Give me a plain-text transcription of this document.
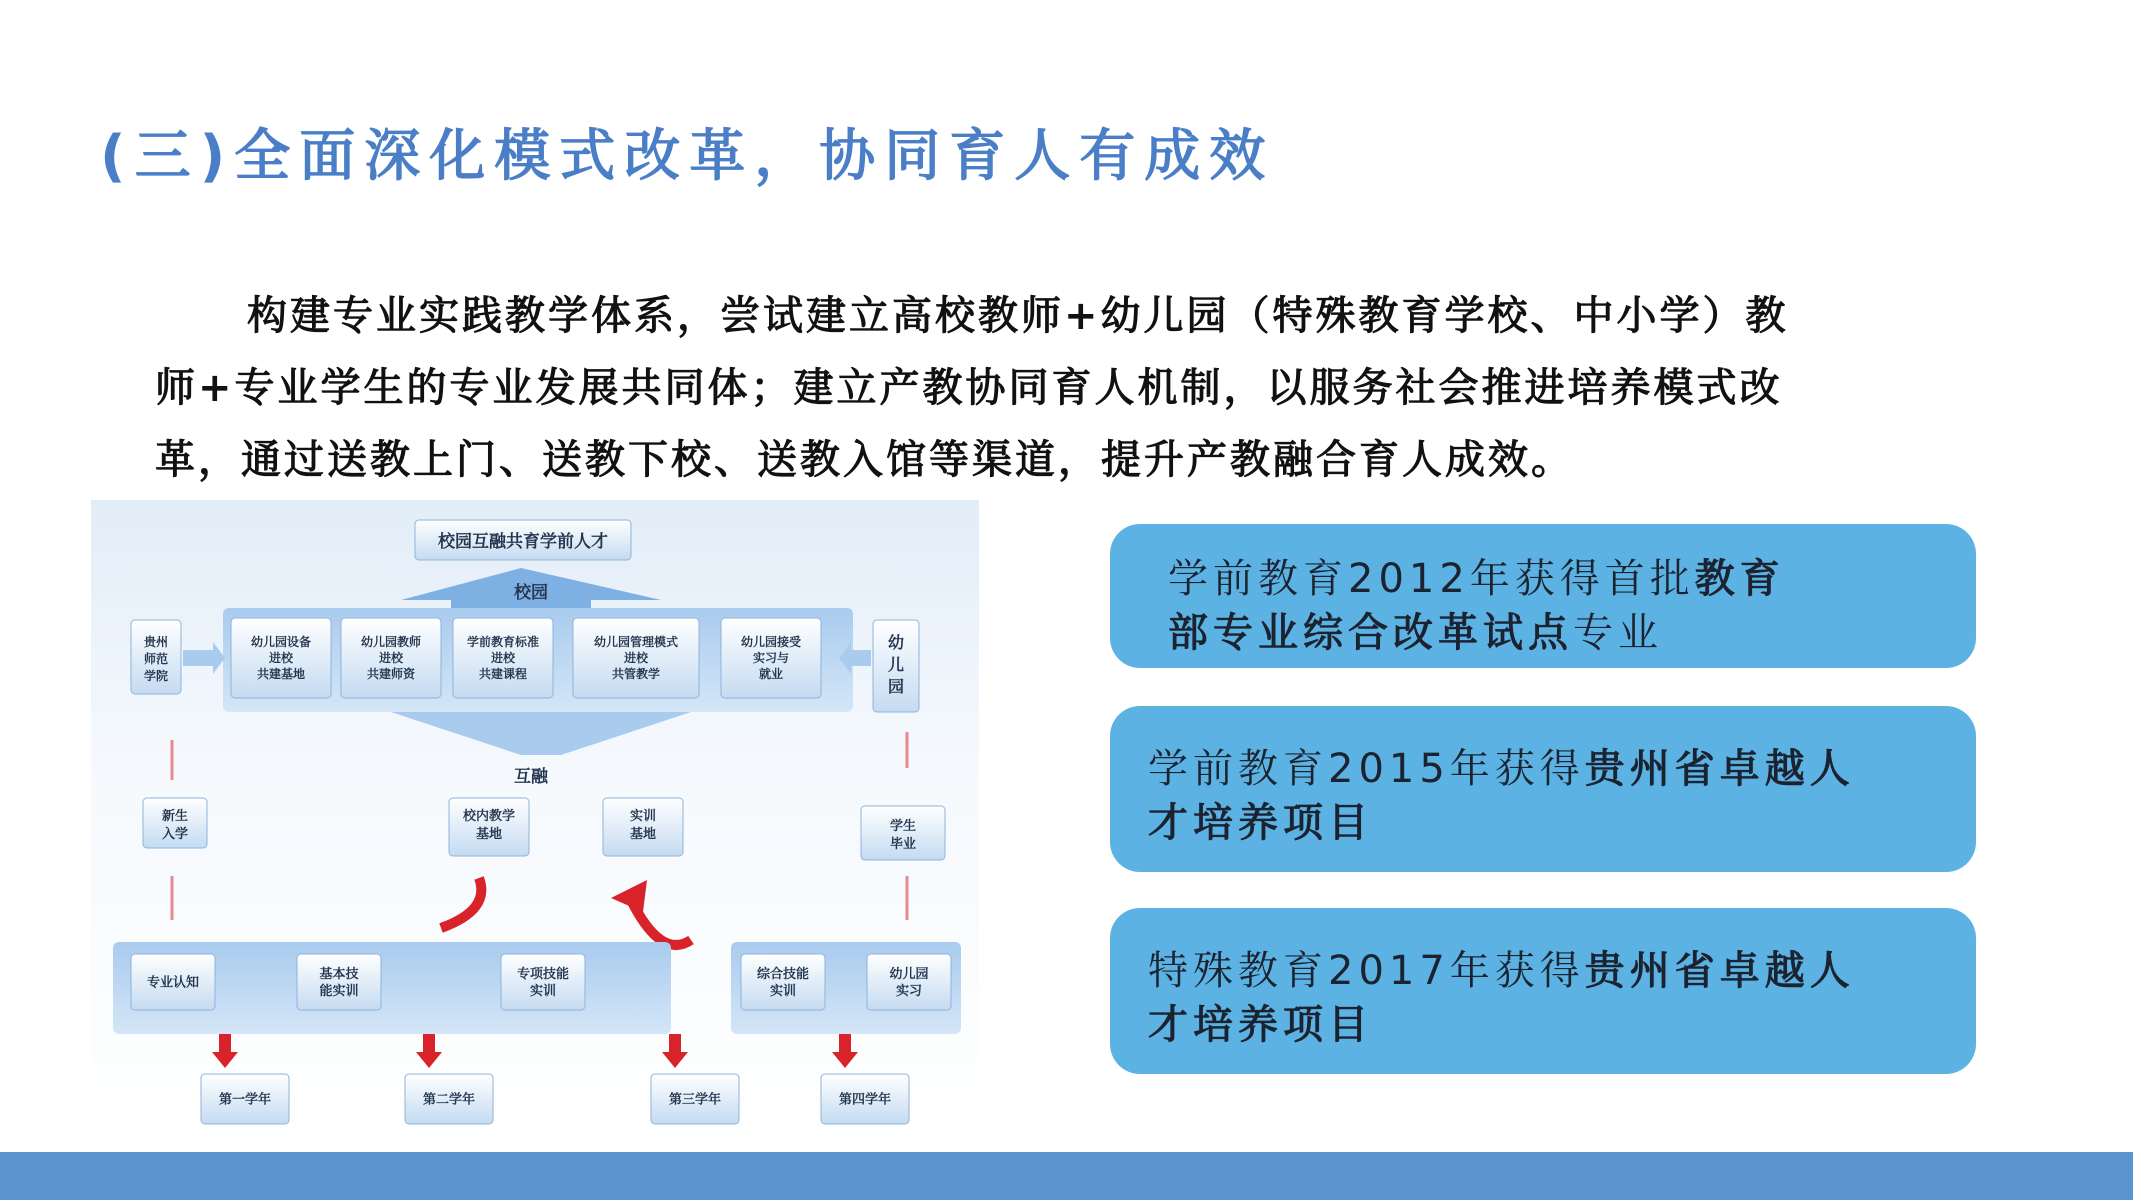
(三)全面深化模式改革，协同育人有成效
构建专业实践教学体系，尝试建立高校教师+幼儿园（特殊教育学校、中小学）教
师+专业学生的专业发展共同体；建立产教协同育人机制，以服务社会推进培养模式改
革，通过送教上门、送教下校、送教入馆等渠道，提升产教融合育人成效。
校园互融共育学前人才
校园
幼儿园设备进校共建基地
幼儿园教师进校共建师资
学前教育标准进校共建课程
幼儿园管理模式进校共管教学
幼儿园接受实习与就业
互融
贵州师范学院
幼儿园
新生入学
学生毕业
校内教学基地
实训基地
专业认知
基本技能实训
专项技能实训
综合技能实训
幼儿园实习
第一学年	第二学年	第三学年	第四学年
学前教育2012年获得首批教育
部专业综合改革试点专业
学前教育2015年获得贵州省卓越人
才培养项目
特殊教育2017年获得贵州省卓越人
才培养项目
